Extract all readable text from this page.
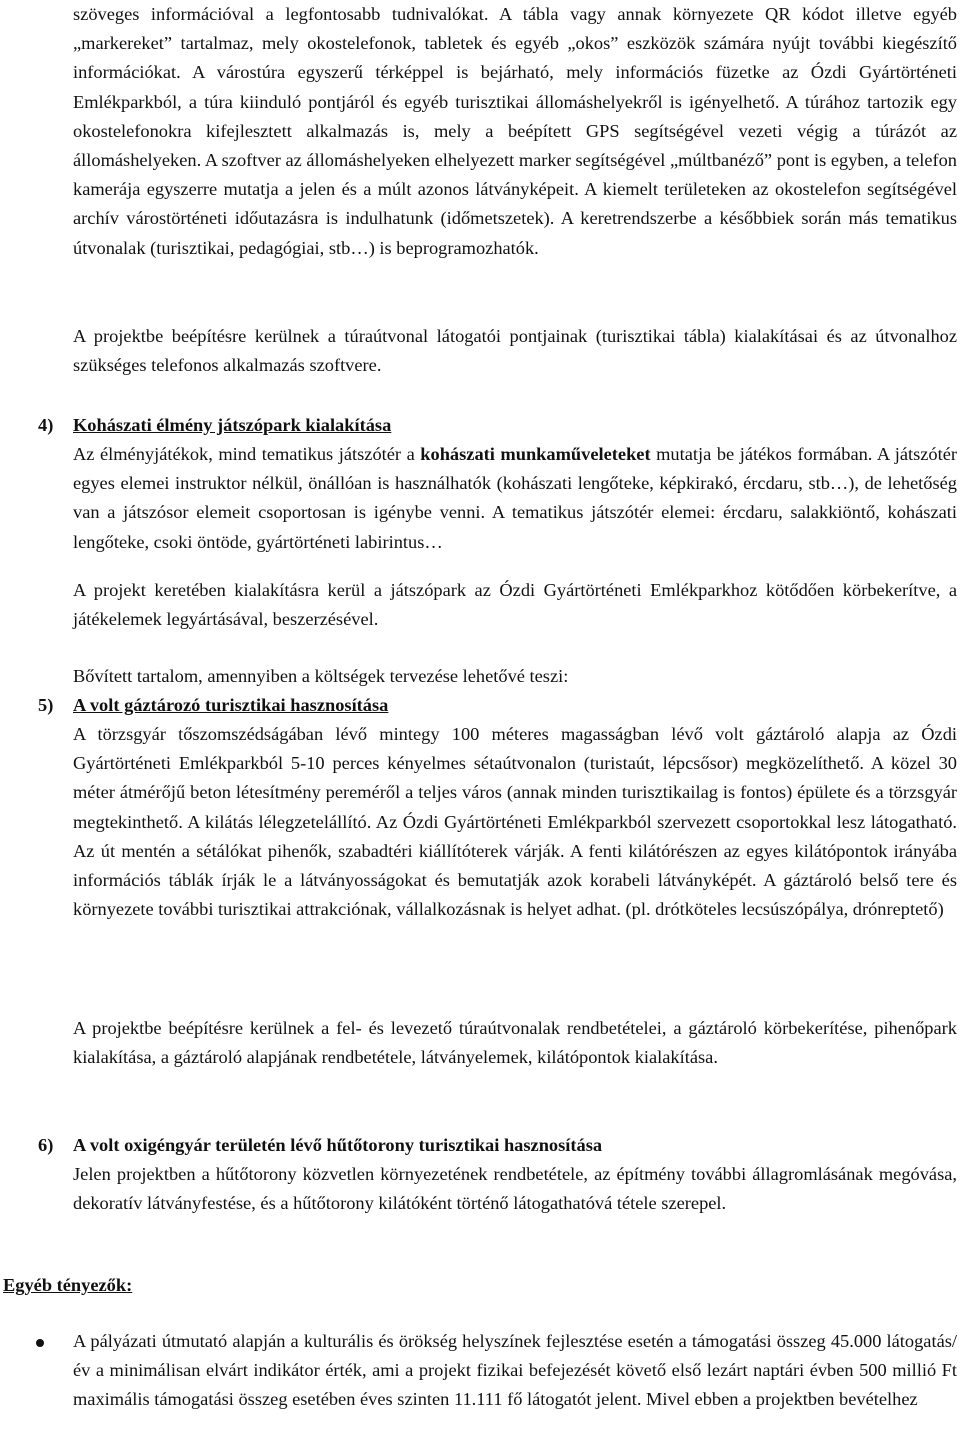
szöveges információval a legfontosabb tudnivalókat. A tábla vagy annak környezete QR kódot illetve egyéb „markereket” tartalmaz, mely okostelefonok, tabletek és egyéb „okos” eszközök számára nyújt további kiegészítő információkat. A várostúra egyszerű térképpel is bejárható, mely információs füzetke az Ózdi Gyártörténeti Emlékparkból, a túra kiinduló pontjáról és egyéb turisztikai állomáshelyekről is igényelhető. A túrához tartozik egy okostelefonokra kifejlesztett alkalmazás is, mely a beépített GPS segítségével vezeti végig a túrázót az állomáshelyeken. A szoftver az állomáshelyeken elhelyezett marker segítségével „múltbanéző” pont is egyben, a telefon kamerája egyszerre mutatja a jelen és a múlt azonos látványképeit. A kiemelt területeken az okostelefon segítségével archív várostörténeti időutazásra is indulhatunk (időmetszetek). A keretrendszerbe a későbbiek során más tematikus útvonalak (turisztikai, pedagógiai, stb…) is beprogramozhatók.

A projektbe beépítésre kerülnek a túraútvonal látogatói pontjainak (turisztikai tábla) kialakításai és az útvonalhoz szükséges telefonos alkalmazás szoftvere.

4) Kohászati élmény játszópark kialakítása

Az élményjátékok, mind tematikus játszótér a kohászati munkaműveleteket mutatja be játékos formában. A játszótér egyes elemei instruktor nélkül, önállóan is használhatók (kohászati lengőteke, képkirakó, ércdaru, stb…), de lehetőség van a játszósor elemeit csoportosan is igénybe venni. A tematikus játszótér elemei: ércdaru, salakkiöntő, kohászati lengőteke, csoki öntöde, gyártörténeti labirintus…

A projekt keretében kialakításra kerül a játszópark az Ózdi Gyártörténeti Emlékparkhoz kötődően körbekerítve, a játékelemek legyártásával, beszerzésével.

Bővített tartalom, amennyiben a költségek tervezése lehetővé teszi:

5) A volt gáztározó turisztikai hasznosítása

A törzsgyár tőszomszédságában lévő mintegy 100 méteres magasságban lévő volt gáztároló alapja az Ózdi Gyártörténeti Emlékparkból 5-10 perces kényelmes sétaútvonalon (turistaút, lépcsősor) megközelíthető. A közel 30 méter átmérőjű beton létesítmény pereméről a teljes város (annak minden turisztikailag is fontos) épülete és a törzsgyár megtekinthető. A kilátás lélegzetelállító. Az Ózdi Gyártörténeti Emlékparkból szervezett csoportokkal lesz látogatható. Az út mentén a sétálókat pihenők, szabadtéri kiállítóterek várják. A fenti kilátórészen az egyes kilátópontok irányába információs táblák írják le a látványosságokat és bemutatják azok korabeli látványképét. A gáztároló belső tere és környezete további turisztikai attrakciónak, vállalkozásnak is helyet adhat. (pl. drótköteles lecsúszópálya, drónreptető)

A projektbe beépítésre kerülnek a fel- és levezető túraútvonalak rendbetételei, a gáztároló körbekerítése, pihenőpark kialakítása, a gáztároló alapjának rendbetétele, látványelemek, kilátópontok kialakítása.

6) A volt oxigéngyár területén lévő hűtőtorony turisztikai hasznosítása

Jelen projektben a hűtőtorony közvetlen környezetének rendbetétele, az építmény további állagromlásának megóvása, dekoratív látványfestése, és a hűtőtorony kilátóként történő látogathatóvá tétele szerepel.

Egyéb tényezők:

A pályázati útmutató alapján a kulturális és örökség helyszínek fejlesztése esetén a támogatási összeg 45.000 látogatás/év a minimálisan elvárt indikátor érték, ami a projekt fizikai befejezését követő első lezárt naptári évben 500 millió Ft maximális támogatási összeg esetében éves szinten 11.111 fő látogatót jelent. Mivel ebben a projektben bevételhez
